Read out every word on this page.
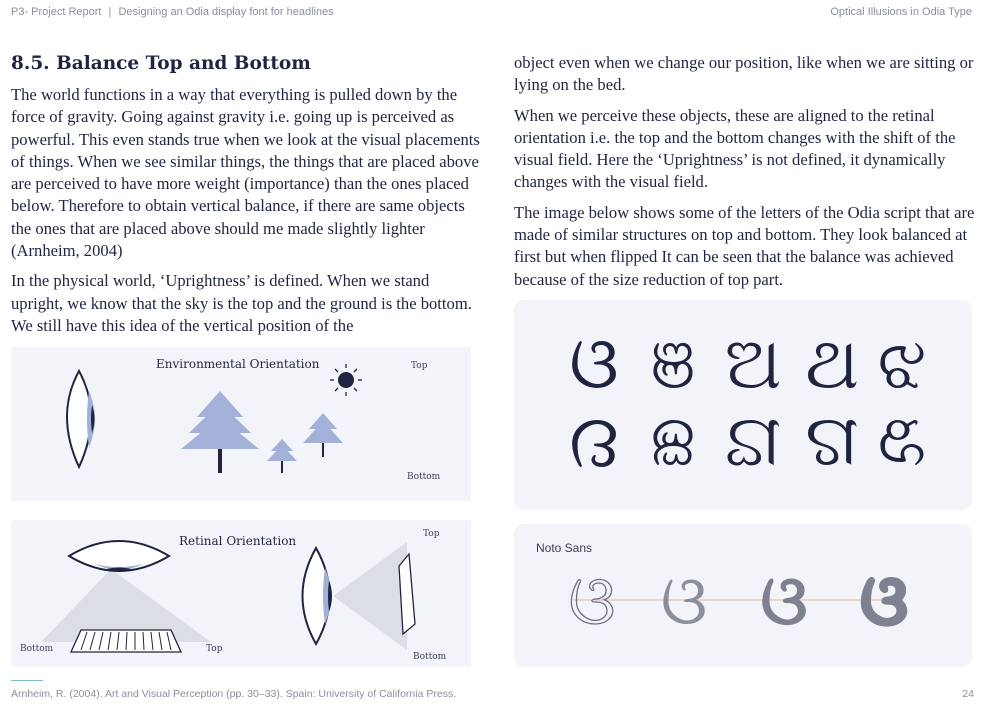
P3- Project Report | Designing an Odia display font for headlines	Optical Illusions in Odia Type
8.5. Balance Top and Bottom

The world functions in a way that everything is pulled down by the force of gravity. Going against gravity i.e. going up is perceived as powerful. This even stands true when we look at the visual placements of things. When we see similar things, the things that are placed above are perceived to have more weight (importance) than the ones placed below. Therefore to obtain vertical balance, if there are same objects the ones that are placed above should me made slightly lighter (Arnheim, 2004)

In the physical world, ‘Uprightness’ is defined. When we stand upright, we know that the sky is the top and the ground is the bottom. We still have this idea of the vertical position of the

object even when we change our position, like when we are sitting or lying on the bed.

When we perceive these objects, these are aligned to the retinal orientation i.e. the top and the bottom changes with the shift of the visual field. Here the ‘Uprightness’ is not defined, it dynamically changes with the visual field.

The image below shows some of the letters of the Odia script that are made of similar structures on top and bottom. They look balanced at first but when flipped It can be seen that the balance was achieved because of the size reduction of top part.

Environmental Orientation	Top
Bottom
Retinal Orientation	Top
Bottom
Bottom	Top
ଓ ଞ ଅ ଥ ଝ
ଓ ଞ ଅ ଥ ଝ
Noto Sans
ଓ ଓ ଓ ଓ
Arnheim, R. (2004). Art and Visual Perception (pp. 30–33). Spain: University of California Press.	24
